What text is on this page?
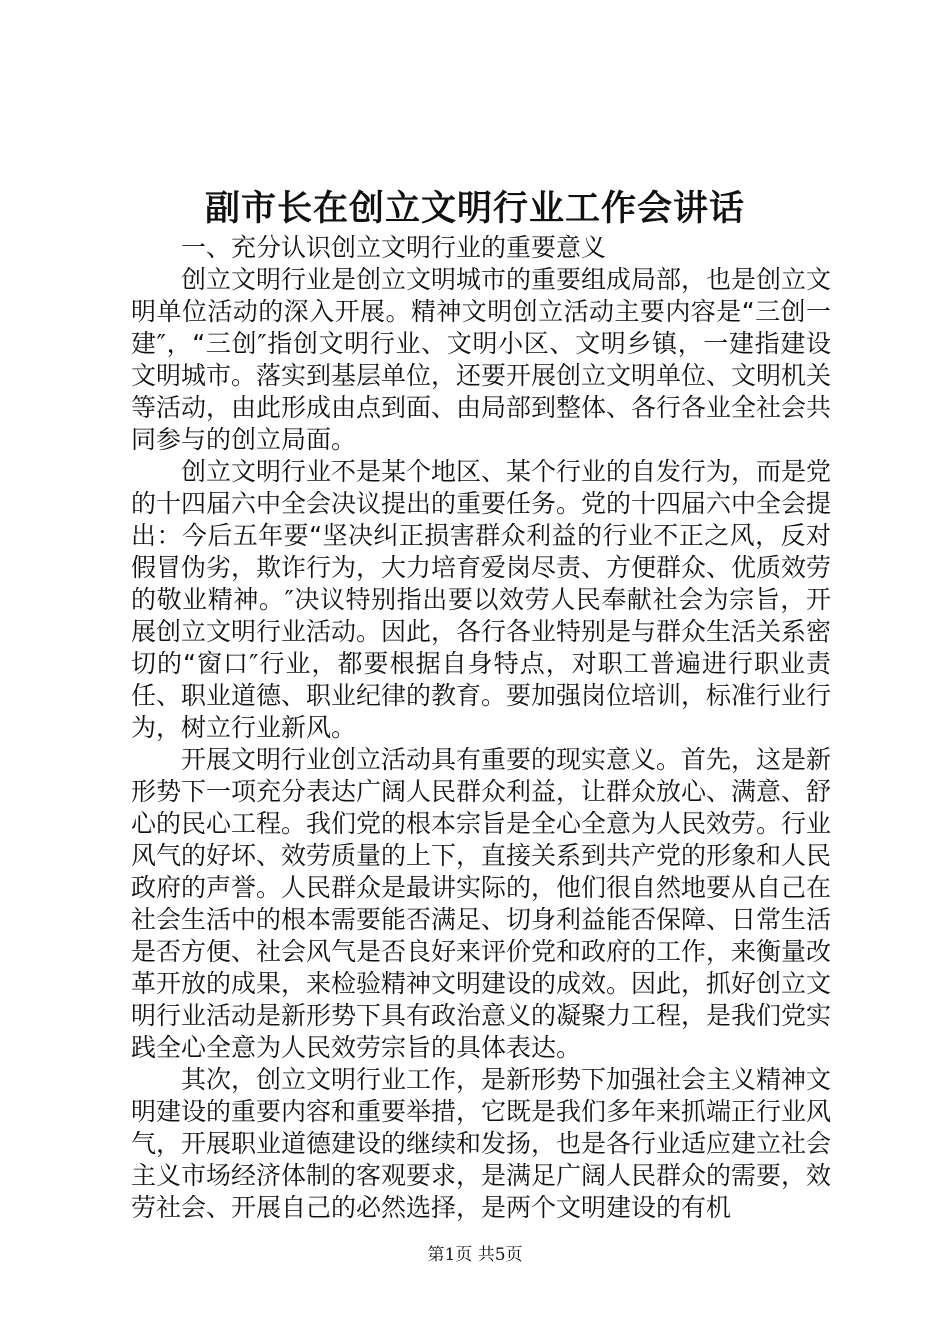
副市长在创立文明行业工作会讲话

一、充分认识创立文明行业的重要意义

创立文明行业是创立文明城市的重要组成局部，也是创立文明单位活动的深入开展。精神文明创立活动主要内容是“三创一建″，“三创″指创文明行业、文明小区、文明乡镇，一建指建设文明城市。落实到基层单位，还要开展创立文明单位、文明机关等活动，由此形成由点到面、由局部到整体、各行各业全社会共同参与的创立局面。

创立文明行业不是某个地区、某个行业的自发行为，而是党的十四届六中全会决议提出的重要任务。党的十四届六中全会提出：今后五年要“坚决纠正损害群众利益的行业不正之风，反对假冒伪劣，欺诈行为，大力培育爱岗尽责、方便群众、优质效劳的敬业精神。″决议特别指出要以效劳人民奉献社会为宗旨，开展创立文明行业活动。因此，各行各业特别是与群众生活关系密切的“窗口″行业，都要根据自身特点，对职工普遍进行职业责任、职业道德、职业纪律的教育。要加强岗位培训，标准行业行为，树立行业新风。

开展文明行业创立活动具有重要的现实意义。首先，这是新形势下一项充分表达广阔人民群众利益，让群众放心、满意、舒心的民心工程。我们党的根本宗旨是全心全意为人民效劳。行业风气的好坏、效劳质量的上下，直接关系到共产党的形象和人民政府的声誉。人民群众是最讲实际的，他们很自然地要从自己在社会生活中的根本需要能否满足、切身利益能否保障、日常生活是否方便、社会风气是否良好来评价党和政府的工作，来衡量改革开放的成果，来检验精神文明建设的成效。因此，抓好创立文明行业活动是新形势下具有政治意义的凝聚力工程，是我们党实践全心全意为人民效劳宗旨的具体表达。

其次，创立文明行业工作，是新形势下加强社会主义精神文明建设的重要内容和重要举措，它既是我们多年来抓端正行业风气，开展职业道德建设的继续和发扬，也是各行业适应建立社会主义市场经济体制的客观要求，是满足广阔人民群众的需要，效劳社会、开展自己的必然选择，是两个文明建设的有机

第1页 共5页
